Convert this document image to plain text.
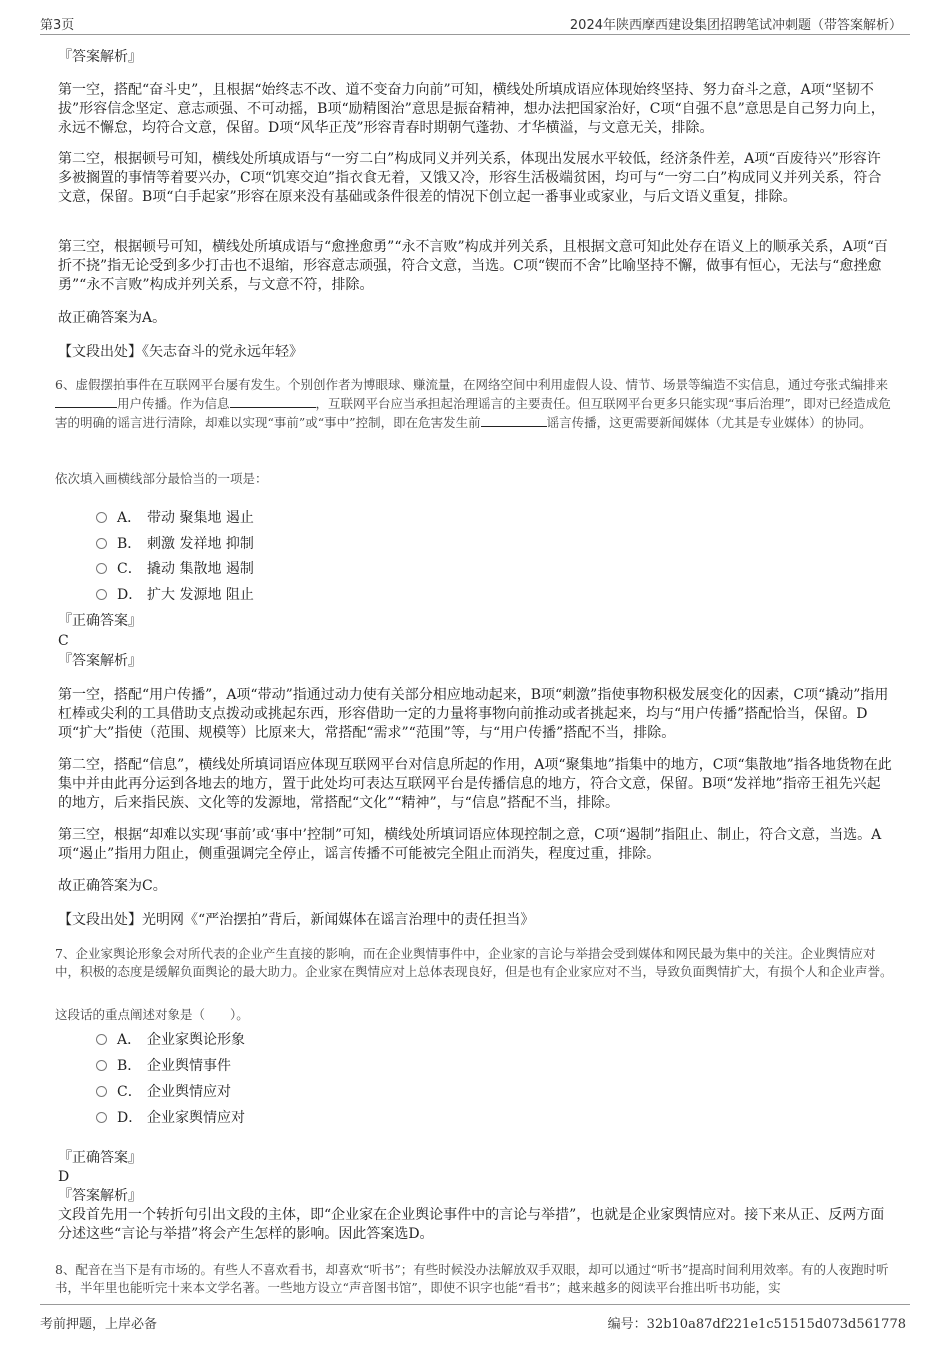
第3页	2024年陕西摩西建设集团招聘笔试冲刺题（带答案解析）
『答案解析』

第一空，搭配“奋斗史”，且根据“始终志不改、道不变奋力向前”可知，横线处所填成语应体现始终坚持、努力奋斗之意，A项“坚韧不拔”形容信念坚定、意志顽强、不可动摇，B项“励精图治”意思是振奋精神，想办法把国家治好，C项“自强不息”意思是自己努力向上，永远不懈怠，均符合文意，保留。D项“风华正茂”形容青春时期朝气蓬勃、才华横溢，与文意无关，排除。

第二空，根据顿号可知，横线处所填成语与“一穷二白”构成同义并列关系，体现出发展水平较低，经济条件差，A项“百废待兴”形容许多被搁置的事情等着要兴办，C项“饥寒交迫”指衣食无着，又饿又冷，形容生活极端贫困，均可与“一穷二白”构成同义并列关系，符合文意，保留。B项“白手起家”形容在原来没有基础或条件很差的情况下创立起一番事业或家业，与后文语义重复，排除。

第三空，根据顿号可知，横线处所填成语与“愈挫愈勇”“永不言败”构成并列关系，且根据文意可知此处存在语义上的顺承关系，A项“百折不挠”指无论受到多少打击也不退缩，形容意志顽强，符合文意，当选。C项“锲而不舍”比喻坚持不懈，做事有恒心，无法与“愈挫愈勇”“永不言败”构成并列关系，与文意不符，排除。

故正确答案为A。

【文段出处】《矢志奋斗的党永远年轻》

6、虚假摆拍事件在互联网平台屡有发生。个别创作者为博眼球、赚流量，在网络空间中利用虚假人设、情节、场景等编造不实信息，通过夸张式编排来用户传播。作为信息	，互联网平台应当承担起治理谣言的主要责任。但互联网平台更多只能实现“事后治理”，即对已经造成危害的明确的谣言进行清除，却难以实现“事前”或“事中”控制，即在危害发生前	谣言传播，这更需要新闻媒体（尤其是专业媒体）的协同。

依次填入画横线部分最恰当的一项是：

A． 带动 聚集地 遏止
B． 刺激 发祥地 抑制
C． 撬动 集散地 遏制
D． 扩大 发源地 阻止
『正确答案』
C
『答案解析』

第一空，搭配“用户传播”，A项“带动”指通过动力使有关部分相应地动起来，B项“刺激”指使事物积极发展变化的因素，C项“撬动”指用杠棒或尖利的工具借助支点拨动或挑起东西，形容借助一定的力量将事物向前推动或者挑起来，均与“用户传播”搭配恰当，保留。D项“扩大”指使（范围、规模等）比原来大，常搭配“需求”“范围”等，与“用户传播”搭配不当，排除。

第二空，搭配“信息”，横线处所填词语应体现互联网平台对信息所起的作用，A项“聚集地”指集中的地方，C项“集散地”指各地货物在此集中并由此再分运到各地去的地方，置于此处均可表达互联网平台是传播信息的地方，符合文意，保留。B项“发祥地”指帝王祖先兴起的地方，后来指民族、文化等的发源地，常搭配“文化”“精神”，与“信息”搭配不当，排除。

第三空，根据“却难以实现‘事前’或‘事中’控制”可知，横线处所填词语应体现控制之意，C项“遏制”指阻止、制止，符合文意，当选。A项“遏止”指用力阻止，侧重强调完全停止，谣言传播不可能被完全阻止而消失，程度过重，排除。

故正确答案为C。

【文段出处】光明网《“严治摆拍”背后，新闻媒体在谣言治理中的责任担当》

7、企业家舆论形象会对所代表的企业产生直接的影响，而在企业舆情事件中，企业家的言论与举措会受到媒体和网民最为集中的关注。企业舆情应对中，积极的态度是缓解负面舆论的最大助力。企业家在舆情应对上总体表现良好，但是也有企业家应对不当，导致负面舆情扩大，有损个人和企业声誉。

这段话的重点阐述对象是（　　）。

A． 企业家舆论形象
B． 企业舆情事件
C． 企业舆情应对
D． 企业家舆情应对
『正确答案』
D
『答案解析』

文段首先用一个转折句引出文段的主体，即“企业家在企业舆论事件中的言论与举措”，也就是企业家舆情应对。接下来从正、反两方面分述这些“言论与举措”将会产生怎样的影响。因此答案选D。

8、配音在当下是有市场的。有些人不喜欢看书，却喜欢“听书”；有些时候没办法解放双手双眼，却可以通过“听书”提高时间利用效率。有的人夜跑时听书，半年里也能听完十来本文学名著。一些地方设立“声音图书馆”，即使不识字也能“看书”；越来越多的阅读平台推出听书功能，实

考前押题，上岸必备	编号：32b10a87df221e1c51515d073d561778
